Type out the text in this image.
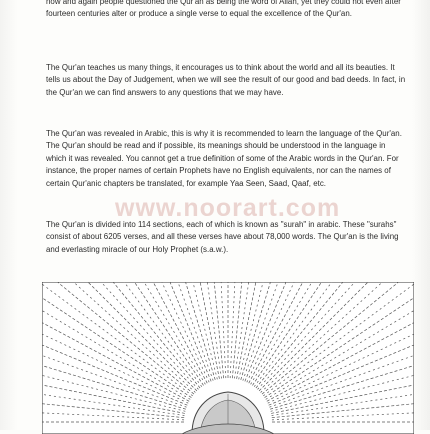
now and again people questioned the Qur'an as being the word of Allah, yet they could not even after fourteen centuries alter or produce a single verse to equal the excellence of the Qur'an.

The Qur'an teaches us many things, it encourages us to think about the world and all its beauties. It tells us about the Day of Judgement, when we will see the result of our good and bad deeds. In fact, in the Qur'an we can find answers to any questions that we may have.

The Qur'an was revealed in Arabic, this is why it is recommended to learn the language of the Qur'an. The Qur'an should be read and if possible, its meanings should be understood in the language in which it was revealed. You cannot get a true definition of some of the Arabic words in the Qur'an. For instance, the proper names of certain Prophets have no English equivalents, nor can the names of certain Qur'anic chapters be translated, for example Yaa Seen, Saad, Qaaf, etc.

The Qur'an is divided into 114 sections, each of which is known as "surah" in arabic. These "surahs" consist of about 6205 verses, and all these verses have about 78,000 words. The Qur'an is the living and everlasting miracle of our Holy Prophet (s.a.w.).

www.noorart.com
